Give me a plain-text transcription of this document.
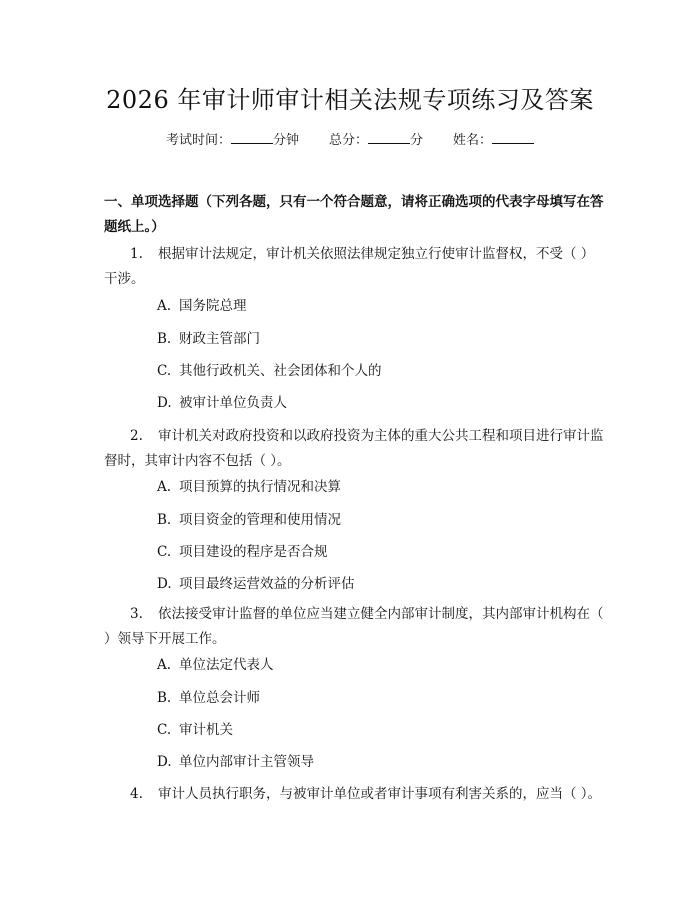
2026 年审计师审计相关法规专项练习及答案
考试时间：	分钟 总分：	分 姓名：
一、单项选择题（下列各题，只有一个符合题意，请将正确选项的代表字母填写在答题纸上。）
1. 根据审计法规定，审计机关依照法律规定独立行使审计监督权，不受（ ）干涉。
A. 国务院总理
B. 财政主管部门
C. 其他行政机关、社会团体和个人的
D. 被审计单位负责人
2. 审计机关对政府投资和以政府投资为主体的重大公共工程和项目进行审计监督时，其审计内容不包括（ ）。
A. 项目预算的执行情况和决算
B. 项目资金的管理和使用情况
C. 项目建设的程序是否合规
D. 项目最终运营效益的分析评估
3. 依法接受审计监督的单位应当建立健全内部审计制度，其内部审计机构在（ ）领导下开展工作。
A. 单位法定代表人
B. 单位总会计师
C. 审计机关
D. 单位内部审计主管领导
4. 审计人员执行职务，与被审计单位或者审计事项有利害关系的，应当（ ）。
